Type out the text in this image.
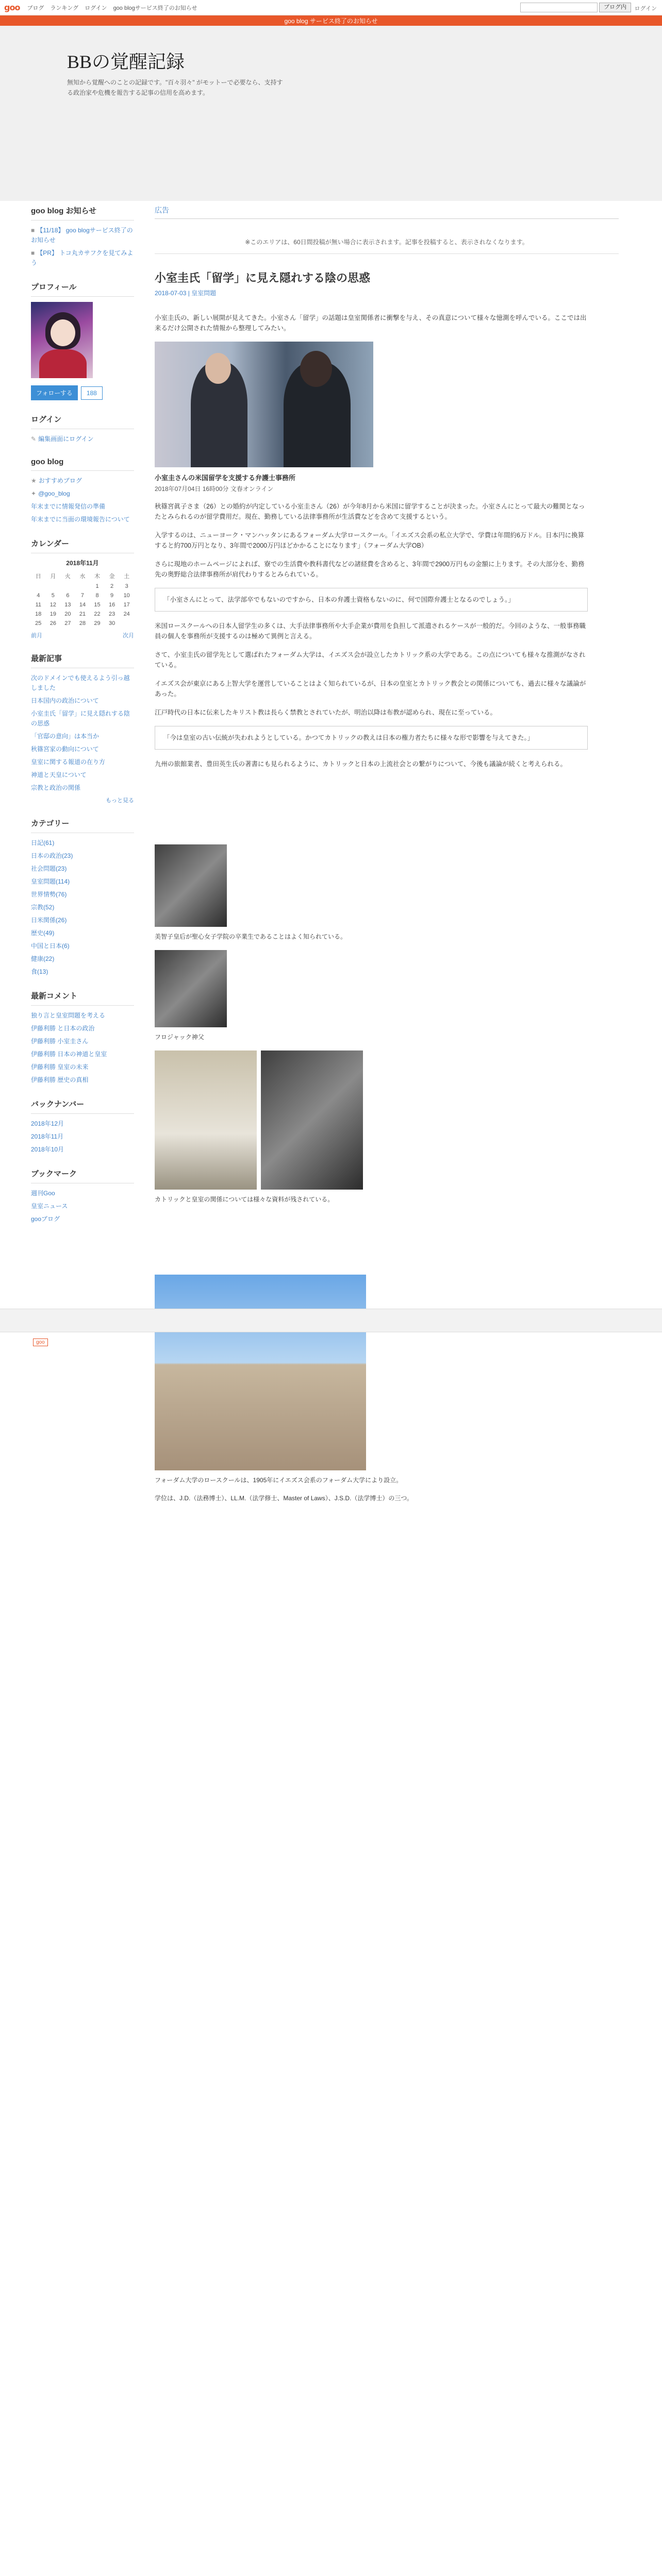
goo ブログ ランキング ログイン goo blogサービス終了のお知らせ	ブログ内	ログイン
goo blog サービス終了のお知らせ
BBの覚醒記録
無知から覚醒へのことの記録です。"百々羽々" がモットーで必要なら、支持する政治家や危機を報告する記事の信用を高めます。
goo blog お知らせ
■ 【11/18】 goo blogサービス終了のお知らせ
■ 【PR】 トコ丸カサフクを見てみよう
プロフィール
フォローする 188
ログイン
✎ 編集画面にログイン
goo blog
★ おすすめブログ
✦ @goo_blog
年末までに情報発信の準備
年末までに当面の環境報告について
カレンダー
2018年11月
日	月	火	水	木	金	土
				1	2	3
4	5	6	7	8	9	10
11	12	13	14	15	16	17
18	19	20	21	22	23	24
25	26	27	28	29	30	
前月	次月
最新記事
次のドメインでも使えるよう引っ越しました
日本国内の政治について
小室圭氏「留学」に見え隠れする陰の思惑
「官邸の意向」は本当か
秋篠宮家の動向について
皇室に関する報道の在り方
神道と天皇について
宗教と政治の関係
もっと見る
カテゴリー
日記(61)
日本の政治(23)
社会問題(23)
皇室問題(114)
世界情勢(76)
宗教(52)
日米関係(26)
歴史(49)
中国と日本(6)
健康(22)
食(13)
最新コメント
独り言と皇室問題を考える
伊藤利勝 と日本の政治
伊藤利勝 小室圭さん
伊藤利勝 日本の神道と皇室
伊藤利勝 皇室の未来
伊藤利勝 歴史の真相
バックナンバー
2018年12月
2018年11月
2018年10月
ブックマーク
週刊Goo
皇室ニュース
gooブログ
広告
※このエリアは、60日間投稿が無い場合に表示されます。記事を投稿すると、表示されなくなります。
小室圭氏「留学」に見え隠れする陰の思惑
2018-07-03 | 皇室問題
小室圭氏の、新しい展開が見えてきた。小室さん「留学」の話題は皇室関係者に衝撃を与え、その真意について様々な憶測を呼んでいる。ここでは出来るだけ公開された情報から整理してみたい。
小室圭さんの米国留学を支援する弁護士事務所
2018年07月04日 16時00分 文春オンライン
秋篠宮眞子さま（26）との婚約が内定している小室圭さん（26）が今年8月から米国に留学することが決まった。小室さんにとって最大の難関となったとみられるのが留学費用だ。現在、勤務している法律事務所が生活費などを含めて支援するという。
入学するのは、ニューヨーク・マンハッタンにあるフォーダム大学ロースクール。「イエズス会系の私立大学で、学費は年間約6万ドル。日本円に換算すると約700万円となり、3年間で2000万円ほどかかることになります」（フォーダム大学OB）
さらに現地のホームページによれば、寮での生活費や教科書代などの諸経費を含めると、3年間で2900万円もの金額に上ります。その大部分を、勤務先の奥野総合法律事務所が肩代わりするとみられている。
「小室さんにとって、法学部卒でもないのですから、日本の弁護士資格もないのに、何で国際弁護士となるのでしょう。」
米国ロースクールへの日本人留学生の多くは、大手法律事務所や大手企業が費用を負担して派遣されるケースが一般的だ。今回のような、一般事務職員の個人を事務所が支援するのは極めて異例と言える。
さて、小室圭氏の留学先として選ばれたフォーダム大学は、イエズス会が設立したカトリック系の大学である。この点についても様々な推測がなされている。
イエズス会が東京にある上智大学を運営していることはよく知られているが、日本の皇室とカトリック教会との関係についても、過去に様々な議論があった。
江戸時代の日本に伝来したキリスト教は長らく禁教とされていたが、明治以降は布教が認められ、現在に至っている。
「今は皇室の古い伝統が失われようとしている。かつてカトリックの教えは日本の権力者たちに様々な形で影響を与えてきた。」
九州の旅館業者、豊田英生氏の著書にも見られるように、カトリックと日本の上流社会との繋がりについて、今後も議論が続くと考えられる。
美智子皇后が聖心女子学院の卒業生であることはよく知られている。
フロジャック神父
カトリックと皇室の関係については様々な資料が残されている。
フォーダム大学のロースクールは、1905年にイエズス会系のフォーダム大学により設立。
学位は、J.D.（法務博士）、LL.M.（法学修士、Master of Laws）、J.S.D.（法学博士）の三つ。
goo
